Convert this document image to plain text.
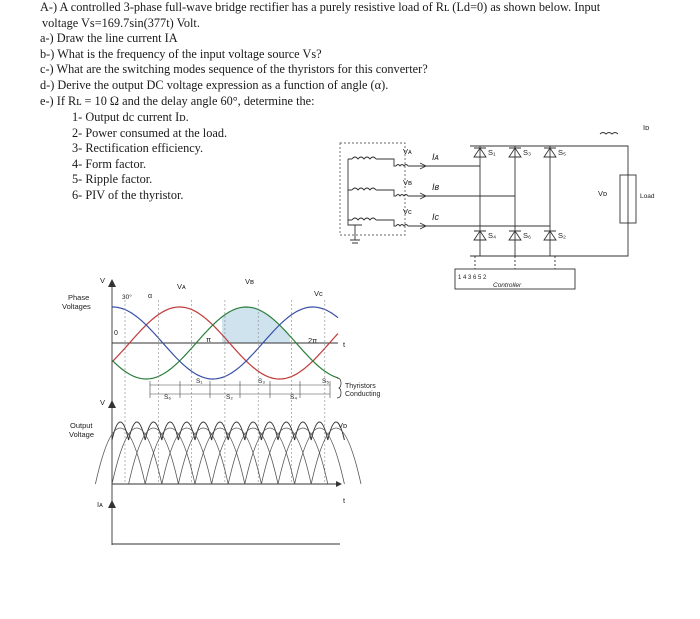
A-) A controlled 3-phase full-wave bridge rectifier has a purely resistive load of Rʟ (Ld=0) as shown below. Input

voltage Vs=169.7sin(377t) Volt.

a-) Draw the line current IA

b-) What is the frequency of the input voltage source Vs?

c-) What are the switching modes sequence of the thyristors for this converter?

d-) Derive the output DC voltage expression as a function of angle (α).

e-) If Rʟ = 10 Ω and the delay angle 60°, determine the:

1- Output dc current Iᴅ.

2- Power consumed at the load.

3- Rectification efficiency.

4- Form factor.

5- Ripple factor.

6- PIV of the thyristor.

Vᴀ
Vʙ
Vᴄ
Iᴀ
Iʙ
Iᴄ
S₁	S₃	S₅
S₄	S₆	S₂
Vᴅ
Iᴅ
Load
1 4 3 6 5 2
Controller
V
Phase
Voltages
30° α
0
Vᴀ
Vʙ
Vᴄ
π	2π	t
S₁	S₃	S₅
S₆	S₂	S₄
Thyristors
Conducting
V
Output
Voltage
Vᴅ
t
Iᴀ
